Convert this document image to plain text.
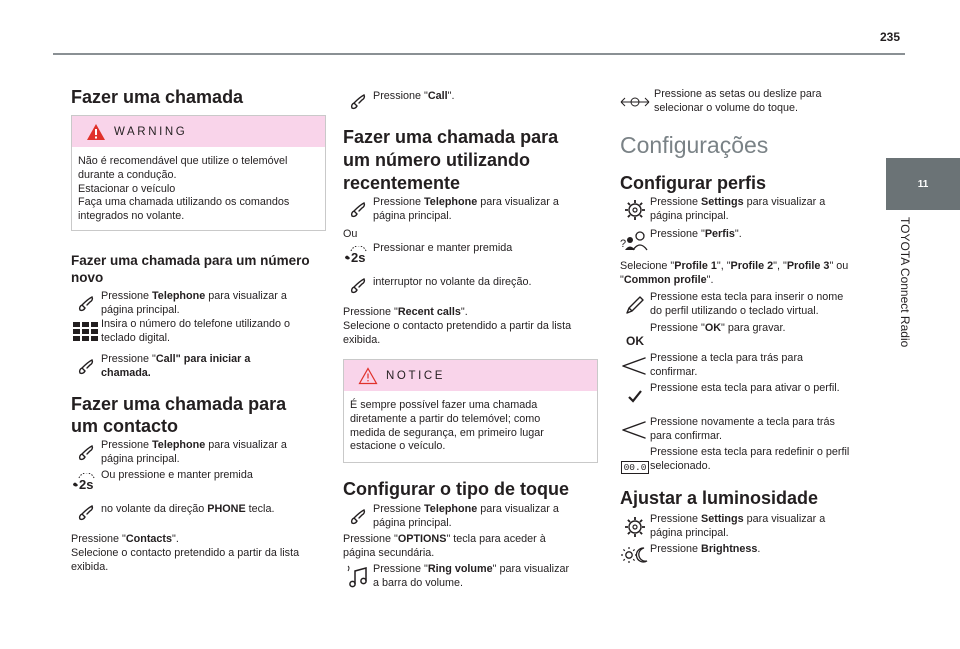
235
11
TOYOTA Connect Radio
Fazer uma chamada
WARNING
Não é recomendável que utilize o telemóvel
durante a condução.
Estacionar o veículo
Faça uma chamada utilizando os comandos
integrados no volante.
Fazer uma chamada para um número
novo
Pressione Telephone para visualizar a
página principal.
Insira o número do telefone utilizando o
teclado digital.
Pressione "Call" para iniciar a
chamada.
Fazer uma chamada para
um contacto
Pressione Telephone para visualizar a
página principal.
2s
Ou pressione e manter premida
no volante da direção PHONE tecla.
Pressione "Contacts".
Selecione o contacto pretendido a partir da lista
exibida.
Pressione "Call".
Fazer uma chamada para
um número utilizando
recentemente
Pressione Telephone para visualizar a
página principal.
Ou
2s
Pressionar e manter premida
interruptor no volante da direção.
Pressione "Recent calls".
Selecione o contacto pretendido a partir da lista
exibida.
NOTICE
É sempre possível fazer uma chamada
diretamente a partir do telemóvel; como
medida de segurança, em primeiro lugar
estacione o veículo.
Configurar o tipo de toque
Pressione Telephone para visualizar a
página principal.
Pressione "OPTIONS" tecla para aceder à
página secundária.
Pressione "Ring volume" para visualizar
a barra do volume.
Pressione as setas ou deslize para
selecionar o volume do toque.
Configurações
Configurar perfis
Pressione Settings para visualizar a
página principal.
?
Pressione "Perfis".
Selecione "Profile 1", "Profile 2", "Profile 3" ou
"Common profile".
Pressione esta tecla para inserir o nome
do perfil utilizando o teclado virtual.
OK
Pressione "OK" para gravar.
Pressione a tecla para trás para
confirmar.
Pressione esta tecla para ativar o perfil.
Pressione novamente a tecla para trás
para confirmar.
00.0
Pressione esta tecla para redefinir o perfil
selecionado.
Ajustar a luminosidade
Pressione Settings para visualizar a
página principal.
Pressione Brightness.
